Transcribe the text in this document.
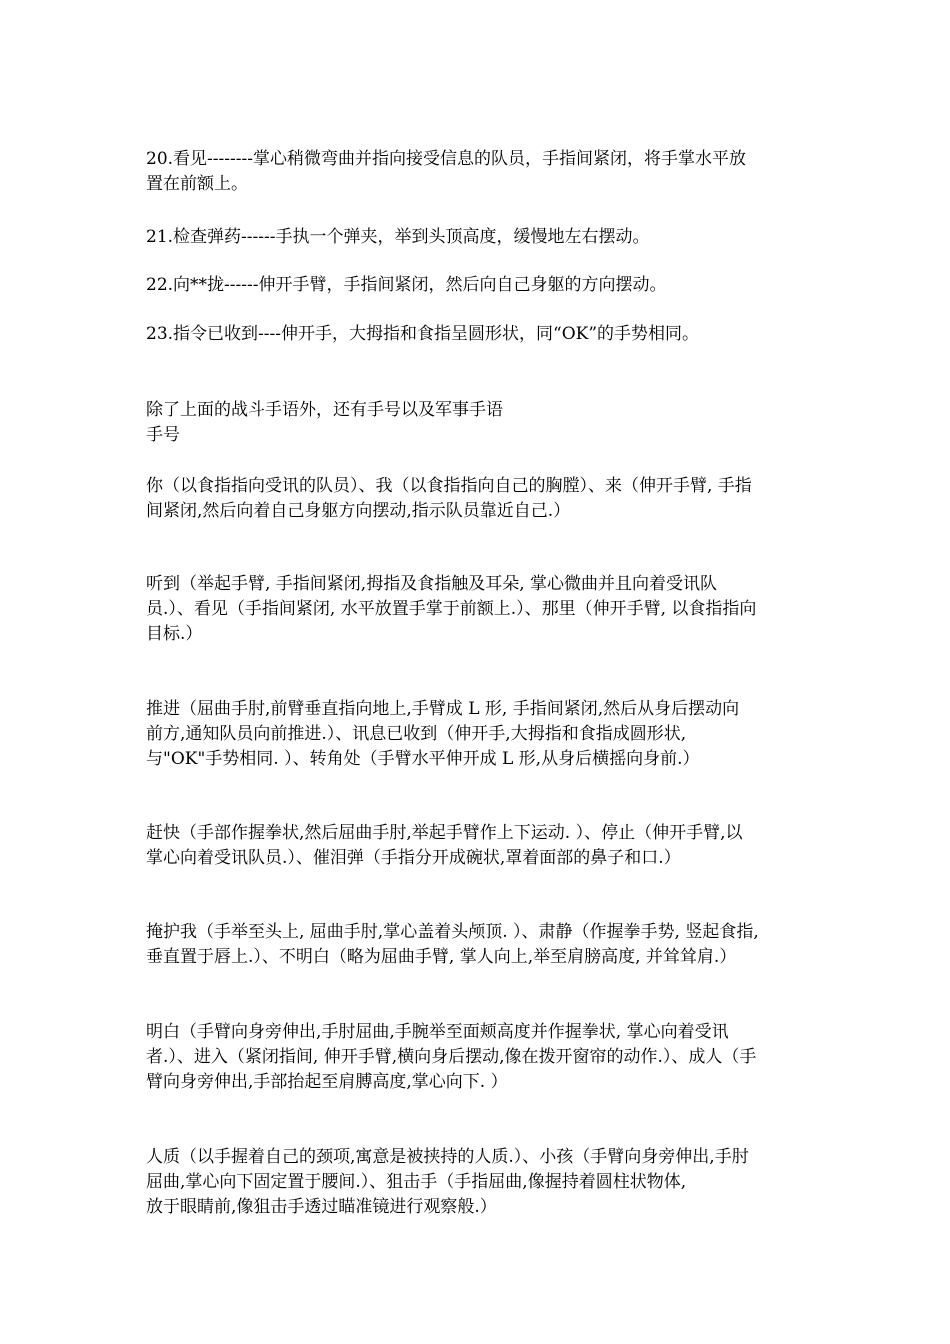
20.看见--------掌心稍微弯曲并指向接受信息的队员，手指间紧闭，将手掌水平放
置在前额上。

21.检查弹药------手执一个弹夹，举到头顶高度，缓慢地左右摆动。

22.向**拢------伸开手臂，手指间紧闭，然后向自己身躯的方向摆动。

23.指令已收到----伸开手，大拇指和食指呈圆形状，同“OK”的手势相同。

除了上面的战斗手语外，还有手号以及军事手语
手号

你（以食指指向受讯的队员）、我（以食指指向自己的胸膛）、来（伸开手臂, 手指
间紧闭,然后向着自己身躯方向摆动,指示队员靠近自己.）

听到（举起手臂, 手指间紧闭,拇指及食指触及耳朵, 掌心微曲并且向着受讯队
员.）、看见（手指间紧闭, 水平放置手掌于前额上.）、那里（伸开手臂, 以食指指向
目标.）

推进（屈曲手肘,前臂垂直指向地上,手臂成 L 形, 手指间紧闭,然后从身后摆动向
前方,通知队员向前推进.）、讯息已收到（伸开手,大拇指和食指成圆形状,
与"OK"手势相同. ）、转角处（手臂水平伸开成 L 形,从身后横摇向身前.）

赶快（手部作握拳状,然后屈曲手肘,举起手臂作上下运动. ）、停止（伸开手臂,以
掌心向着受讯队员.）、催泪弹（手指分开成碗状,罩着面部的鼻子和口.）

掩护我（手举至头上, 屈曲手肘,掌心盖着头颅顶. ）、肃静（作握拳手势, 竖起食指,
垂直置于唇上.）、不明白（略为屈曲手臂, 掌人向上,举至肩膀高度, 并耸耸肩.）

明白（手臂向身旁伸出,手肘屈曲,手腕举至面颊高度并作握拳状, 掌心向着受讯
者.）、进入（紧闭指间, 伸开手臂,横向身后摆动,像在拨开窗帘的动作.）、成人（手
臂向身旁伸出,手部抬起至肩膊高度,掌心向下. ）

人质（以手握着自己的颈项,寓意是被挟持的人质.）、小孩（手臂向身旁伸出,手肘
屈曲,掌心向下固定置于腰间.）、狙击手（手指屈曲,像握持着圆柱状物体,
放于眼睛前,像狙击手透过瞄准镜进行观察般.）
